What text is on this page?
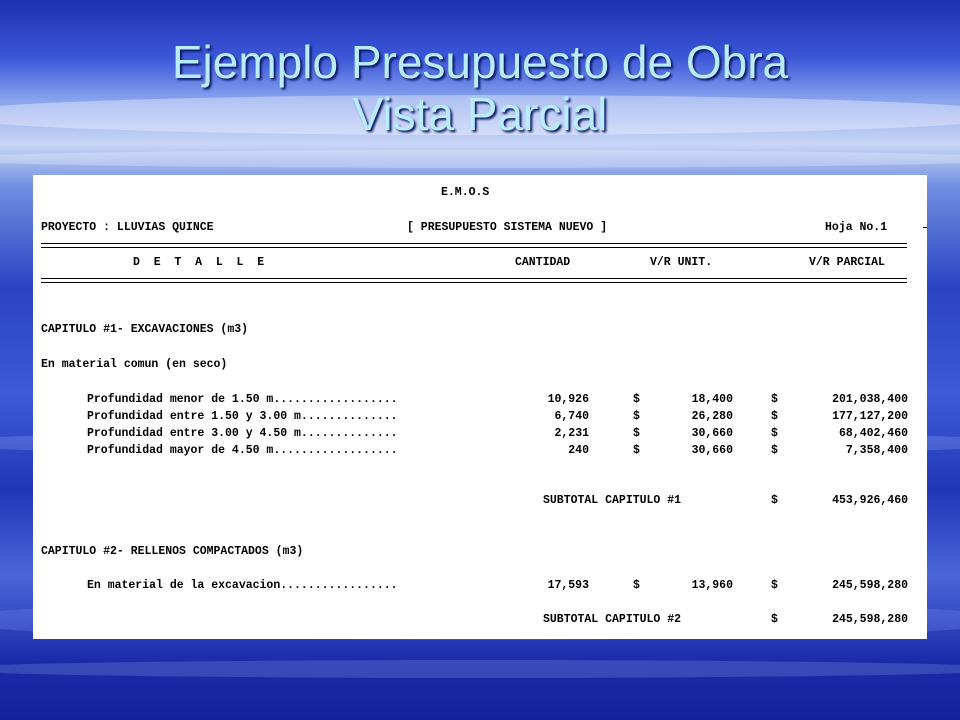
Ejemplo Presupuesto de Obra
Vista Parcial
E.M.O.S
PROYECTO : LLUVIAS QUINCE	[ PRESUPUESTO SISTEMA NUEVO ]	Hoja No.1
D  E  T  A  L  L  E	CANTIDAD	V/R UNIT.	V/R PARCIAL
CAPITULO #1- EXCAVACIONES (m3)
En material comun (en seco)
Profundidad menor de 1.50 m..................	10,926	$	18,400	$	201,038,400
Profundidad entre 1.50 y 3.00 m..............	6,740	$	26,280	$	177,127,200
Profundidad entre 3.00 y 4.50 m..............	2,231	$	30,660	$	68,402,460
Profundidad mayor de 4.50 m..................	240	$	30,660	$	7,358,400
SUBTOTAL CAPITULO #1	$	453,926,460
CAPITULO #2- RELLENOS COMPACTADOS (m3)
En material de la excavacion.................	17,593	$	13,960	$	245,598,280
SUBTOTAL CAPITULO #2	$	245,598,280
